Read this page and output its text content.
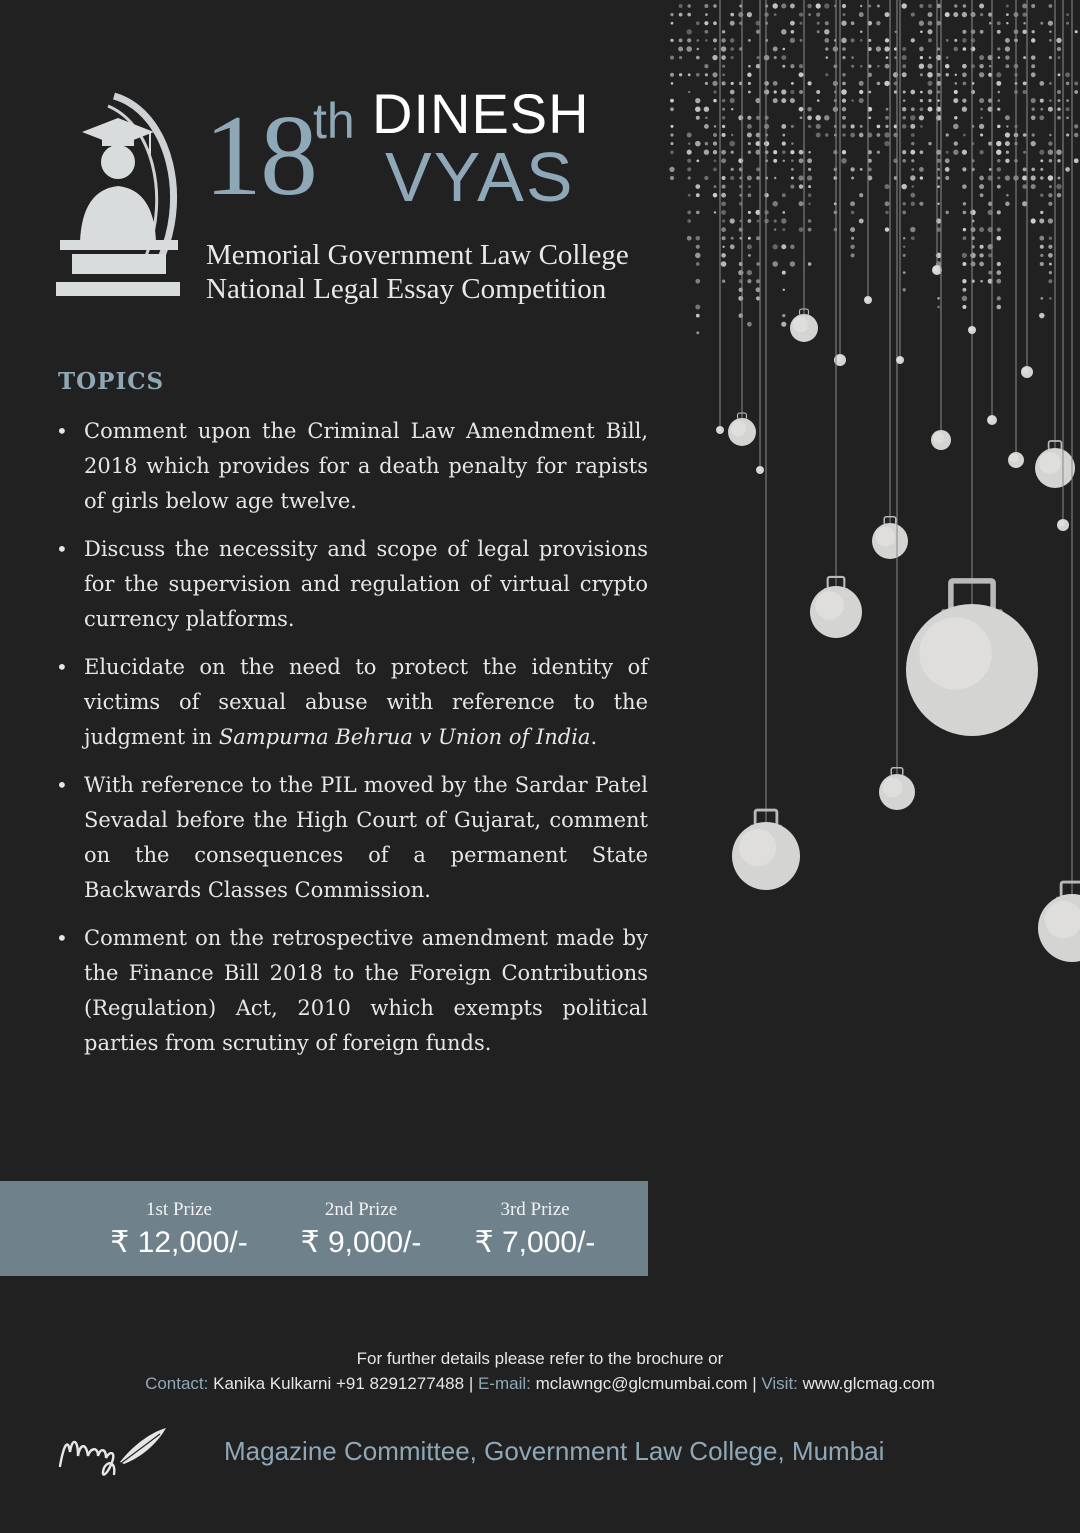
18
th DINESH
VYAS
Memorial Government Law College
National Legal Essay Competition
TOPICS
• Comment upon the Criminal Law Amendment Bill, 2018 which provides for a death penalty for rapists of girls below age twelve.
• Discuss the necessity and scope of legal provisions for the supervision and regulation of virtual crypto currency platforms.
• Elucidate on the need to protect the identity of victims of sexual abuse with reference to the judgment in Sampurna Behrua v Union of India.
• With reference to the PIL moved by the Sardar Patel Sevadal before the High Court of Gujarat, comment on the consequences of a permanent State Backwards Classes Commission.
• Comment on the retrospective amendment made by the Finance Bill 2018 to the Foreign Contributions (Regulation) Act, 2010 which exempts political parties from scrutiny of foreign funds.
1st Prize
₹ 12,000/-
2nd Prize
₹ 9,000/-
3rd Prize
₹ 7,000/-
For further details please refer to the brochure or
Contact: Kanika Kulkarni +91 8291277488 | E-mail: mclawngc@glcmumbai.com | Visit: www.glcmag.com
Magazine Committee, Government Law College, Mumbai
